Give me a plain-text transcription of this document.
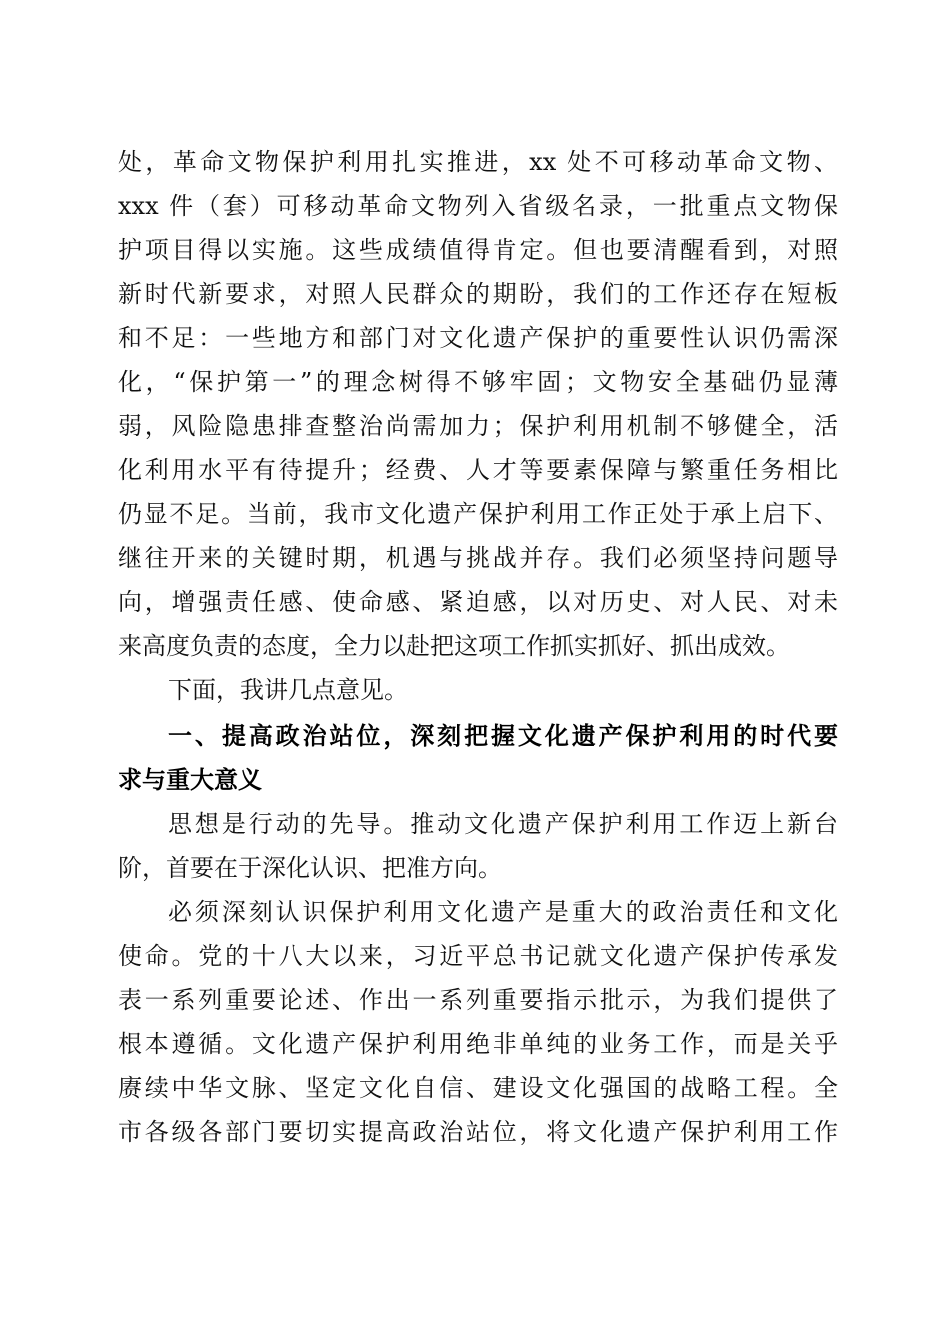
处，革命文物保护利用扎实推进，xx 处不可移动革命文物、
xxx 件（套）可移动革命文物列入省级名录，一批重点文物保
护项目得以实施。这些成绩值得肯定。但也要清醒看到，对照
新时代新要求，对照人民群众的期盼，我们的工作还存在短板
和不足：一些地方和部门对文化遗产保护的重要性认识仍需深
化，“保护第一”的理念树得不够牢固；文物安全基础仍显薄
弱，风险隐患排查整治尚需加力；保护利用机制不够健全，活
化利用水平有待提升；经费、人才等要素保障与繁重任务相比
仍显不足。当前，我市文化遗产保护利用工作正处于承上启下、
继往开来的关键时期，机遇与挑战并存。我们必须坚持问题导
向，增强责任感、使命感、紧迫感，以对历史、对人民、对未
来高度负责的态度，全力以赴把这项工作抓实抓好、抓出成效。
下面，我讲几点意见。
一、提高政治站位，深刻把握文化遗产保护利用的时代要
求与重大意义
思想是行动的先导。推动文化遗产保护利用工作迈上新台
阶，首要在于深化认识、把准方向。
必须深刻认识保护利用文化遗产是重大的政治责任和文化
使命。党的十八大以来，习近平总书记就文化遗产保护传承发
表一系列重要论述、作出一系列重要指示批示，为我们提供了
根本遵循。文化遗产保护利用绝非单纯的业务工作，而是关乎
赓续中华文脉、坚定文化自信、建设文化强国的战略工程。全
市各级各部门要切实提高政治站位，将文化遗产保护利用工作
